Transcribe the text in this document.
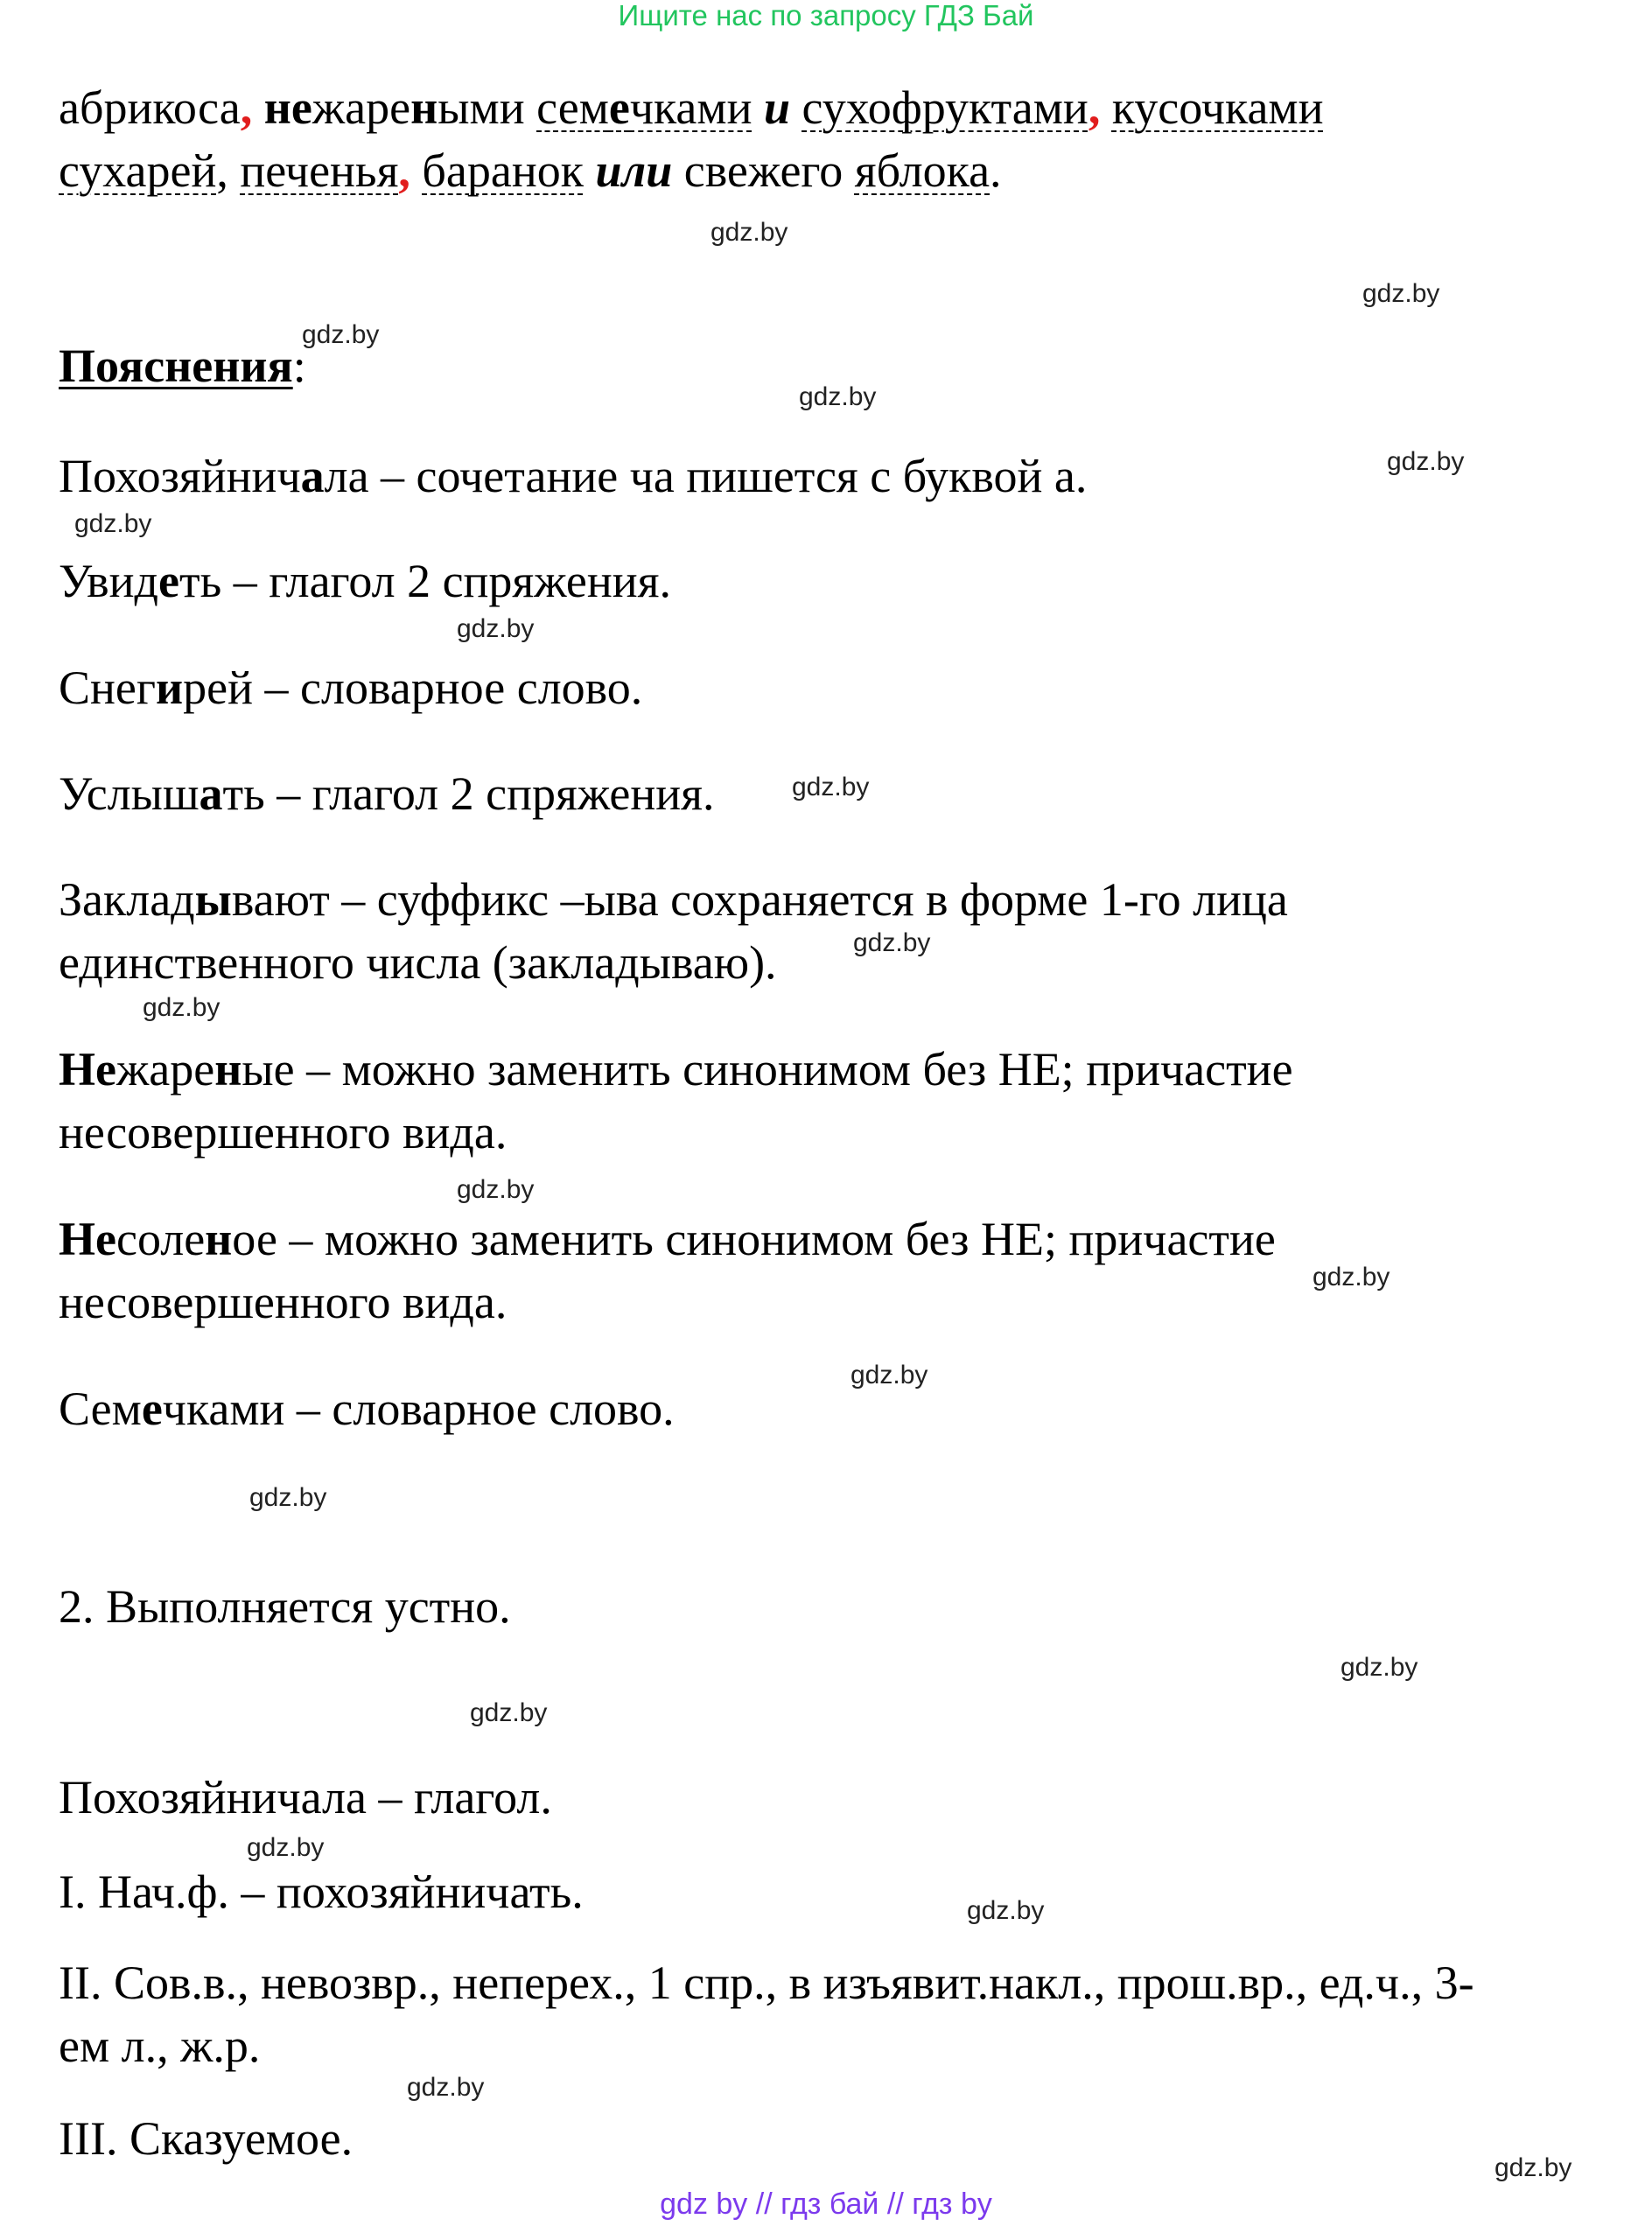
Ищите нас по запросу ГДЗ Бай
абрикоса, нежареными семечками и сухофруктами, кусочками
сухарей, печенья, баранок или свежего яблока.
Пояснения:
Похозяйничала – сочетание ча пишется с буквой а.
Увидеть – глагол 2 спряжения.
Снегирей – словарное слово.
Услышать – глагол 2 спряжения.
Закладывают – суффикс –ыва сохраняется в форме 1-го лица
единственного числа (закладываю).
Нежареные – можно заменить синонимом без НЕ; причастие
несовершенного вида.
Несоленое – можно заменить синонимом без НЕ; причастие
несовершенного вида.
Семечками – словарное слово.
2. Выполняется устно.
Похозяйничала – глагол.
I. Нач.ф. – похозяйничать.
II. Сов.в., невозвр., неперех., 1 спр., в изъявит.накл., прош.вр., ед.ч., 3-
ем л., ж.р.
III. Сказуемое.
gdz.by
gdz.by
gdz.by
gdz.by
gdz.by
gdz.by
gdz.by
gdz.by
gdz.by
gdz.by
gdz.by
gdz.by
gdz.by
gdz.by
gdz.by
gdz.by
gdz.by
gdz.by
gdz.by
gdz.by
gdz by // гдз бай // гдз by
